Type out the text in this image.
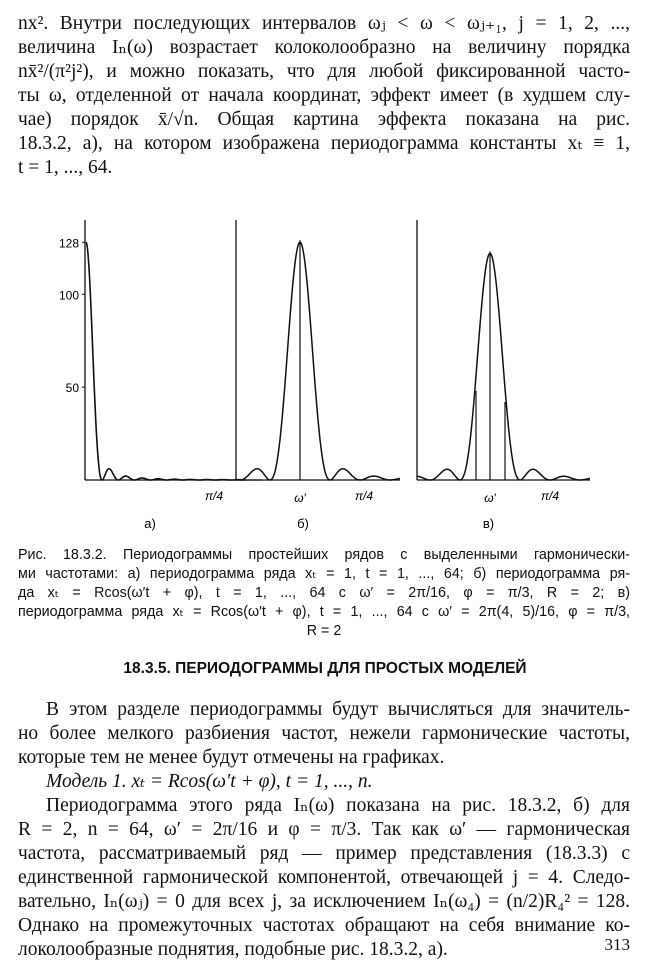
nx². Внутри последующих интервалов ωⱼ < ω < ωⱼ₊₁, j = 1, 2, ...,
величина Iₙ(ω) возрастает колоколообразно на величину порядка
nx̄²/(π²j²), и можно показать, что для любой фиксированной часто-
ты ω, отделенной от начала координат, эффект имеет (в худшем слу-
чае) порядок x̄/√n. Общая картина эффекта показана на рис.
18.3.2, а), на котором изображена периодограмма константы xₜ ≡ 1,
t = 1, ..., 64.
50
100
128
π/4
а)
ω′	π/4
б)
ω′	π/4
в)
Рис. 18.3.2. Периодограммы простейших рядов с выделенными гармонически-
ми частотами: а) периодограмма ряда xₜ = 1, t = 1, ..., 64; б) периодограмма ря-
да xₜ = Rcos(ω′t + φ), t = 1, ..., 64 с ω′ = 2π/16, φ = π/3, R = 2; в)
периодограмма ряда xₜ = Rcos(ω′t + φ), t = 1, ..., 64 с ω′ = 2π(4, 5)/16, φ = π/3,
R = 2
18.3.5. ПЕРИОДОГРАММЫ ДЛЯ ПРОСТЫХ МОДЕЛЕЙ
В этом разделе периодограммы будут вычисляться для значитель-
но более мелкого разбиения частот, нежели гармонические частоты,
которые тем не менее будут отмечены на графиках.
Модель 1. xₜ = Rcos(ω′t + φ), t = 1, ..., n.
Периодограмма этого ряда Iₙ(ω) показана на рис. 18.3.2, б) для
R = 2, n = 64, ω′ = 2π/16 и φ = π/3. Так как ω′ — гармоническая
частота, рассматриваемый ряд — пример представления (18.3.3) с
единственной гармонической компонентой, отвечающей j = 4. Следо-
вательно, Iₙ(ωⱼ) = 0 для всех j, за исключением Iₙ(ω₄) = (n/2)R₄² = 128.
Однако на промежуточных частотах обращают на себя внимание ко-
локолообразные поднятия, подобные рис. 18.3.2, а).	313
